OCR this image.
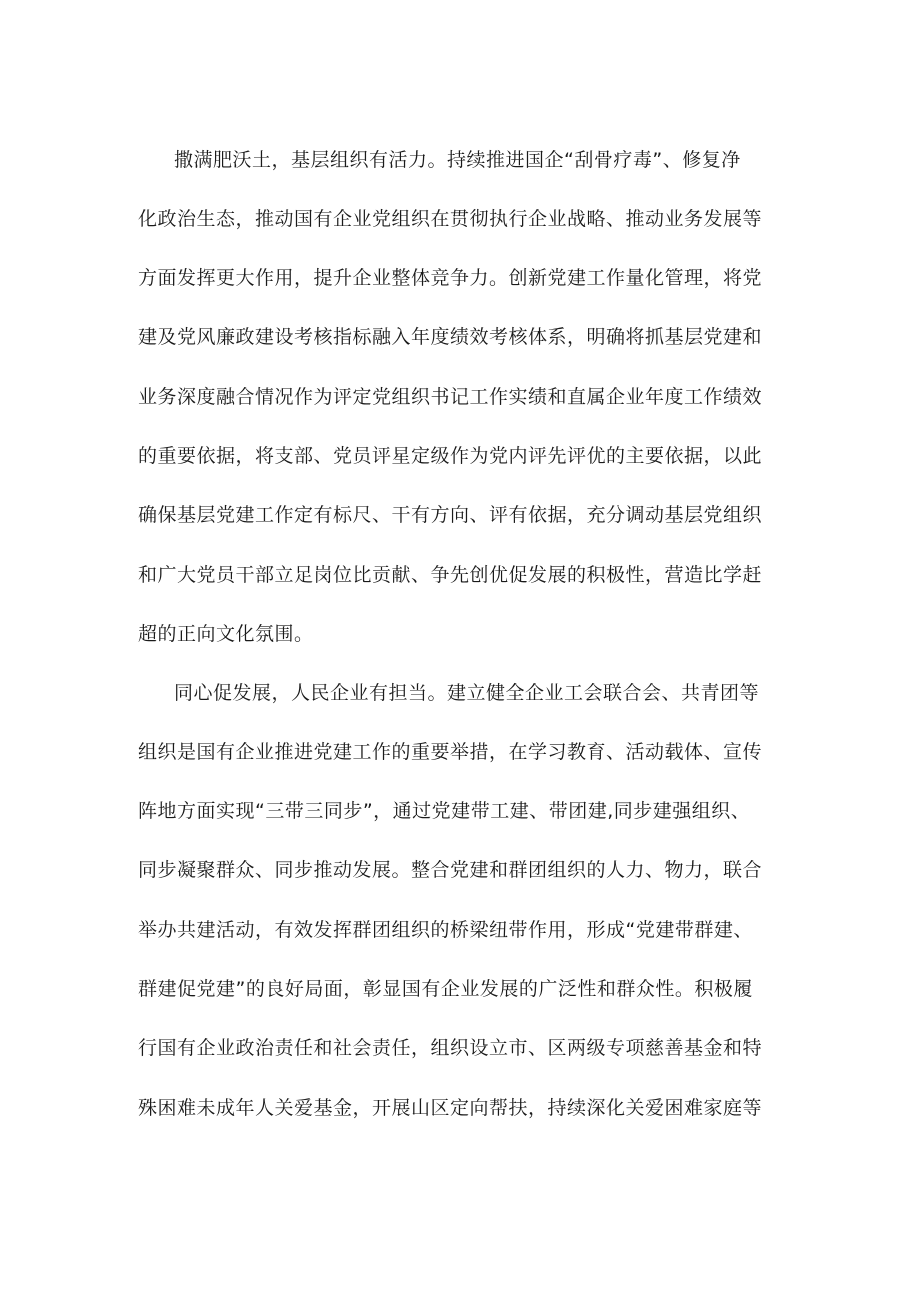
撒满肥沃土，基层组织有活力。持续推进国企“刮骨疗毒”、修复净
化政治生态，推动国有企业党组织在贯彻执行企业战略、推动业务发展等
方面发挥更大作用，提升企业整体竞争力。创新党建工作量化管理，将党
建及党风廉政建设考核指标融入年度绩效考核体系，明确将抓基层党建和
业务深度融合情况作为评定党组织书记工作实绩和直属企业年度工作绩效
的重要依据，将支部、党员评星定级作为党内评先评优的主要依据，以此
确保基层党建工作定有标尺、干有方向、评有依据，充分调动基层党组织
和广大党员干部立足岗位比贡献、争先创优促发展的积极性，营造比学赶
超的正向文化氛围。
同心促发展，人民企业有担当。建立健全企业工会联合会、共青团等
组织是国有企业推进党建工作的重要举措，在学习教育、活动载体、宣传
阵地方面实现“三带三同步”，通过党建带工建、带团建,同步建强组织、
同步凝聚群众、同步推动发展。整合党建和群团组织的人力、物力，联合
举办共建活动，有效发挥群团组织的桥梁纽带作用，形成“党建带群建、
群建促党建”的良好局面，彰显国有企业发展的广泛性和群众性。积极履
行国有企业政治责任和社会责任，组织设立市、区两级专项慈善基金和特
殊困难未成年人关爱基金，开展山区定向帮扶，持续深化关爱困难家庭等
